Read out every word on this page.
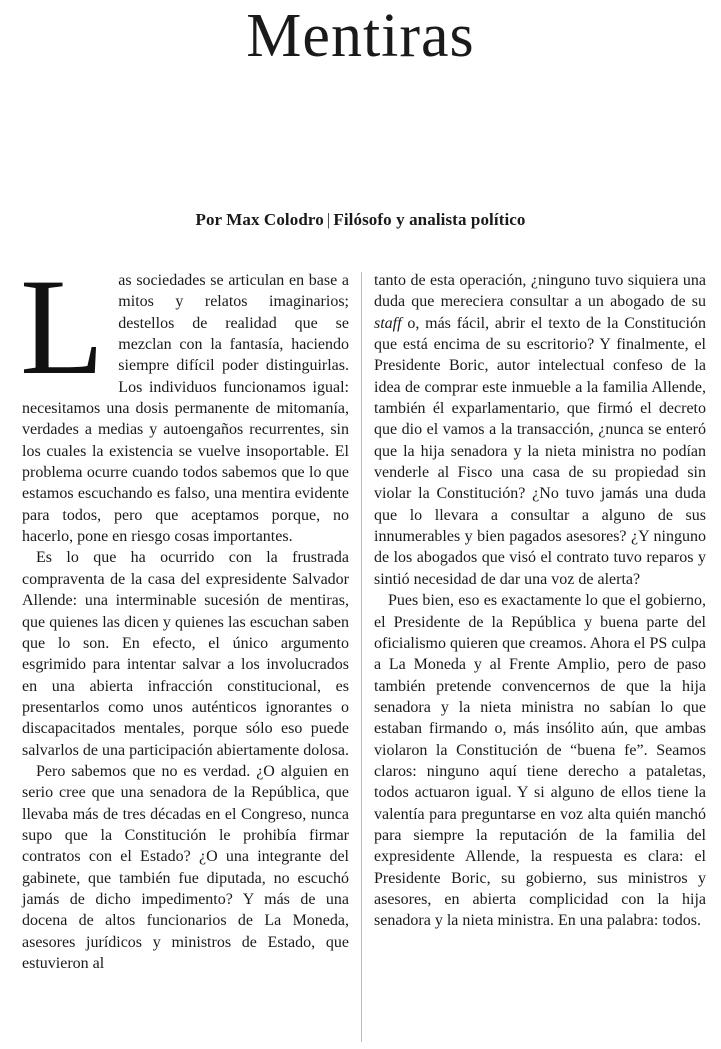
Mentiras
Por Max Colodro | Filósofo y analista político

Las sociedades se articulan en base a mitos y relatos imaginarios; destellos de realidad que se mezclan con la fantasía, haciendo siempre difícil poder distinguirlas. Los individuos funcionamos igual: necesitamos una dosis permanente de mitomanía, verdades a medias y autoengaños recurrentes, sin los cuales la existencia se vuelve insoportable. El problema ocurre cuando todos sabemos que lo que estamos escuchando es falso, una mentira evidente para todos, pero que aceptamos porque, no hacerlo, pone en riesgo cosas importantes.

Es lo que ha ocurrido con la frustrada compraventa de la casa del expresidente Salvador Allende: una interminable sucesión de mentiras, que quienes las dicen y quienes las escuchan saben que lo son. En efecto, el único argumento esgrimido para intentar salvar a los involucrados en una abierta infracción constitucional, es presentarlos como unos auténticos ignorantes o discapacitados mentales, porque sólo eso puede salvarlos de una participación abiertamente dolosa.

Pero sabemos que no es verdad. ¿O alguien en serio cree que una senadora de la República, que llevaba más de tres décadas en el Congreso, nunca supo que la Constitución le prohibía firmar contratos con el Estado? ¿O una integrante del gabinete, que también fue diputada, no escuchó jamás de dicho impedimento? Y más de una docena de altos funcionarios de La Moneda, asesores jurídicos y ministros de Estado, que estuvieron al

tanto de esta operación, ¿ninguno tuvo siquiera una duda que mereciera consultar a un abogado de su staff o, más fácil, abrir el texto de la Constitución que está encima de su escritorio? Y finalmente, el Presidente Boric, autor intelectual confeso de la idea de comprar este inmueble a la familia Allende, también él exparlamentario, que firmó el decreto que dio el vamos a la transacción, ¿nunca se enteró que la hija senadora y la nieta ministra no podían venderle al Fisco una casa de su propiedad sin violar la Constitución? ¿No tuvo jamás una duda que lo llevara a consultar a alguno de sus innumerables y bien pagados asesores? ¿Y ninguno de los abogados que visó el contrato tuvo reparos y sintió necesidad de dar una voz de alerta?

Pues bien, eso es exactamente lo que el gobierno, el Presidente de la República y buena parte del oficialismo quieren que creamos. Ahora el PS culpa a La Moneda y al Frente Amplio, pero de paso también pretende convencernos de que la hija senadora y la nieta ministra no sabían lo que estaban firmando o, más insólito aún, que ambas violaron la Constitución de “buena fe”. Seamos claros: ninguno aquí tiene derecho a pataletas, todos actuaron igual. Y si alguno de ellos tiene la valentía para preguntarse en voz alta quién manchó para siempre la reputación de la familia del expresidente Allende, la respuesta es clara: el Presidente Boric, su gobierno, sus ministros y asesores, en abierta complicidad con la hija senadora y la nieta ministra. En una palabra: todos.
